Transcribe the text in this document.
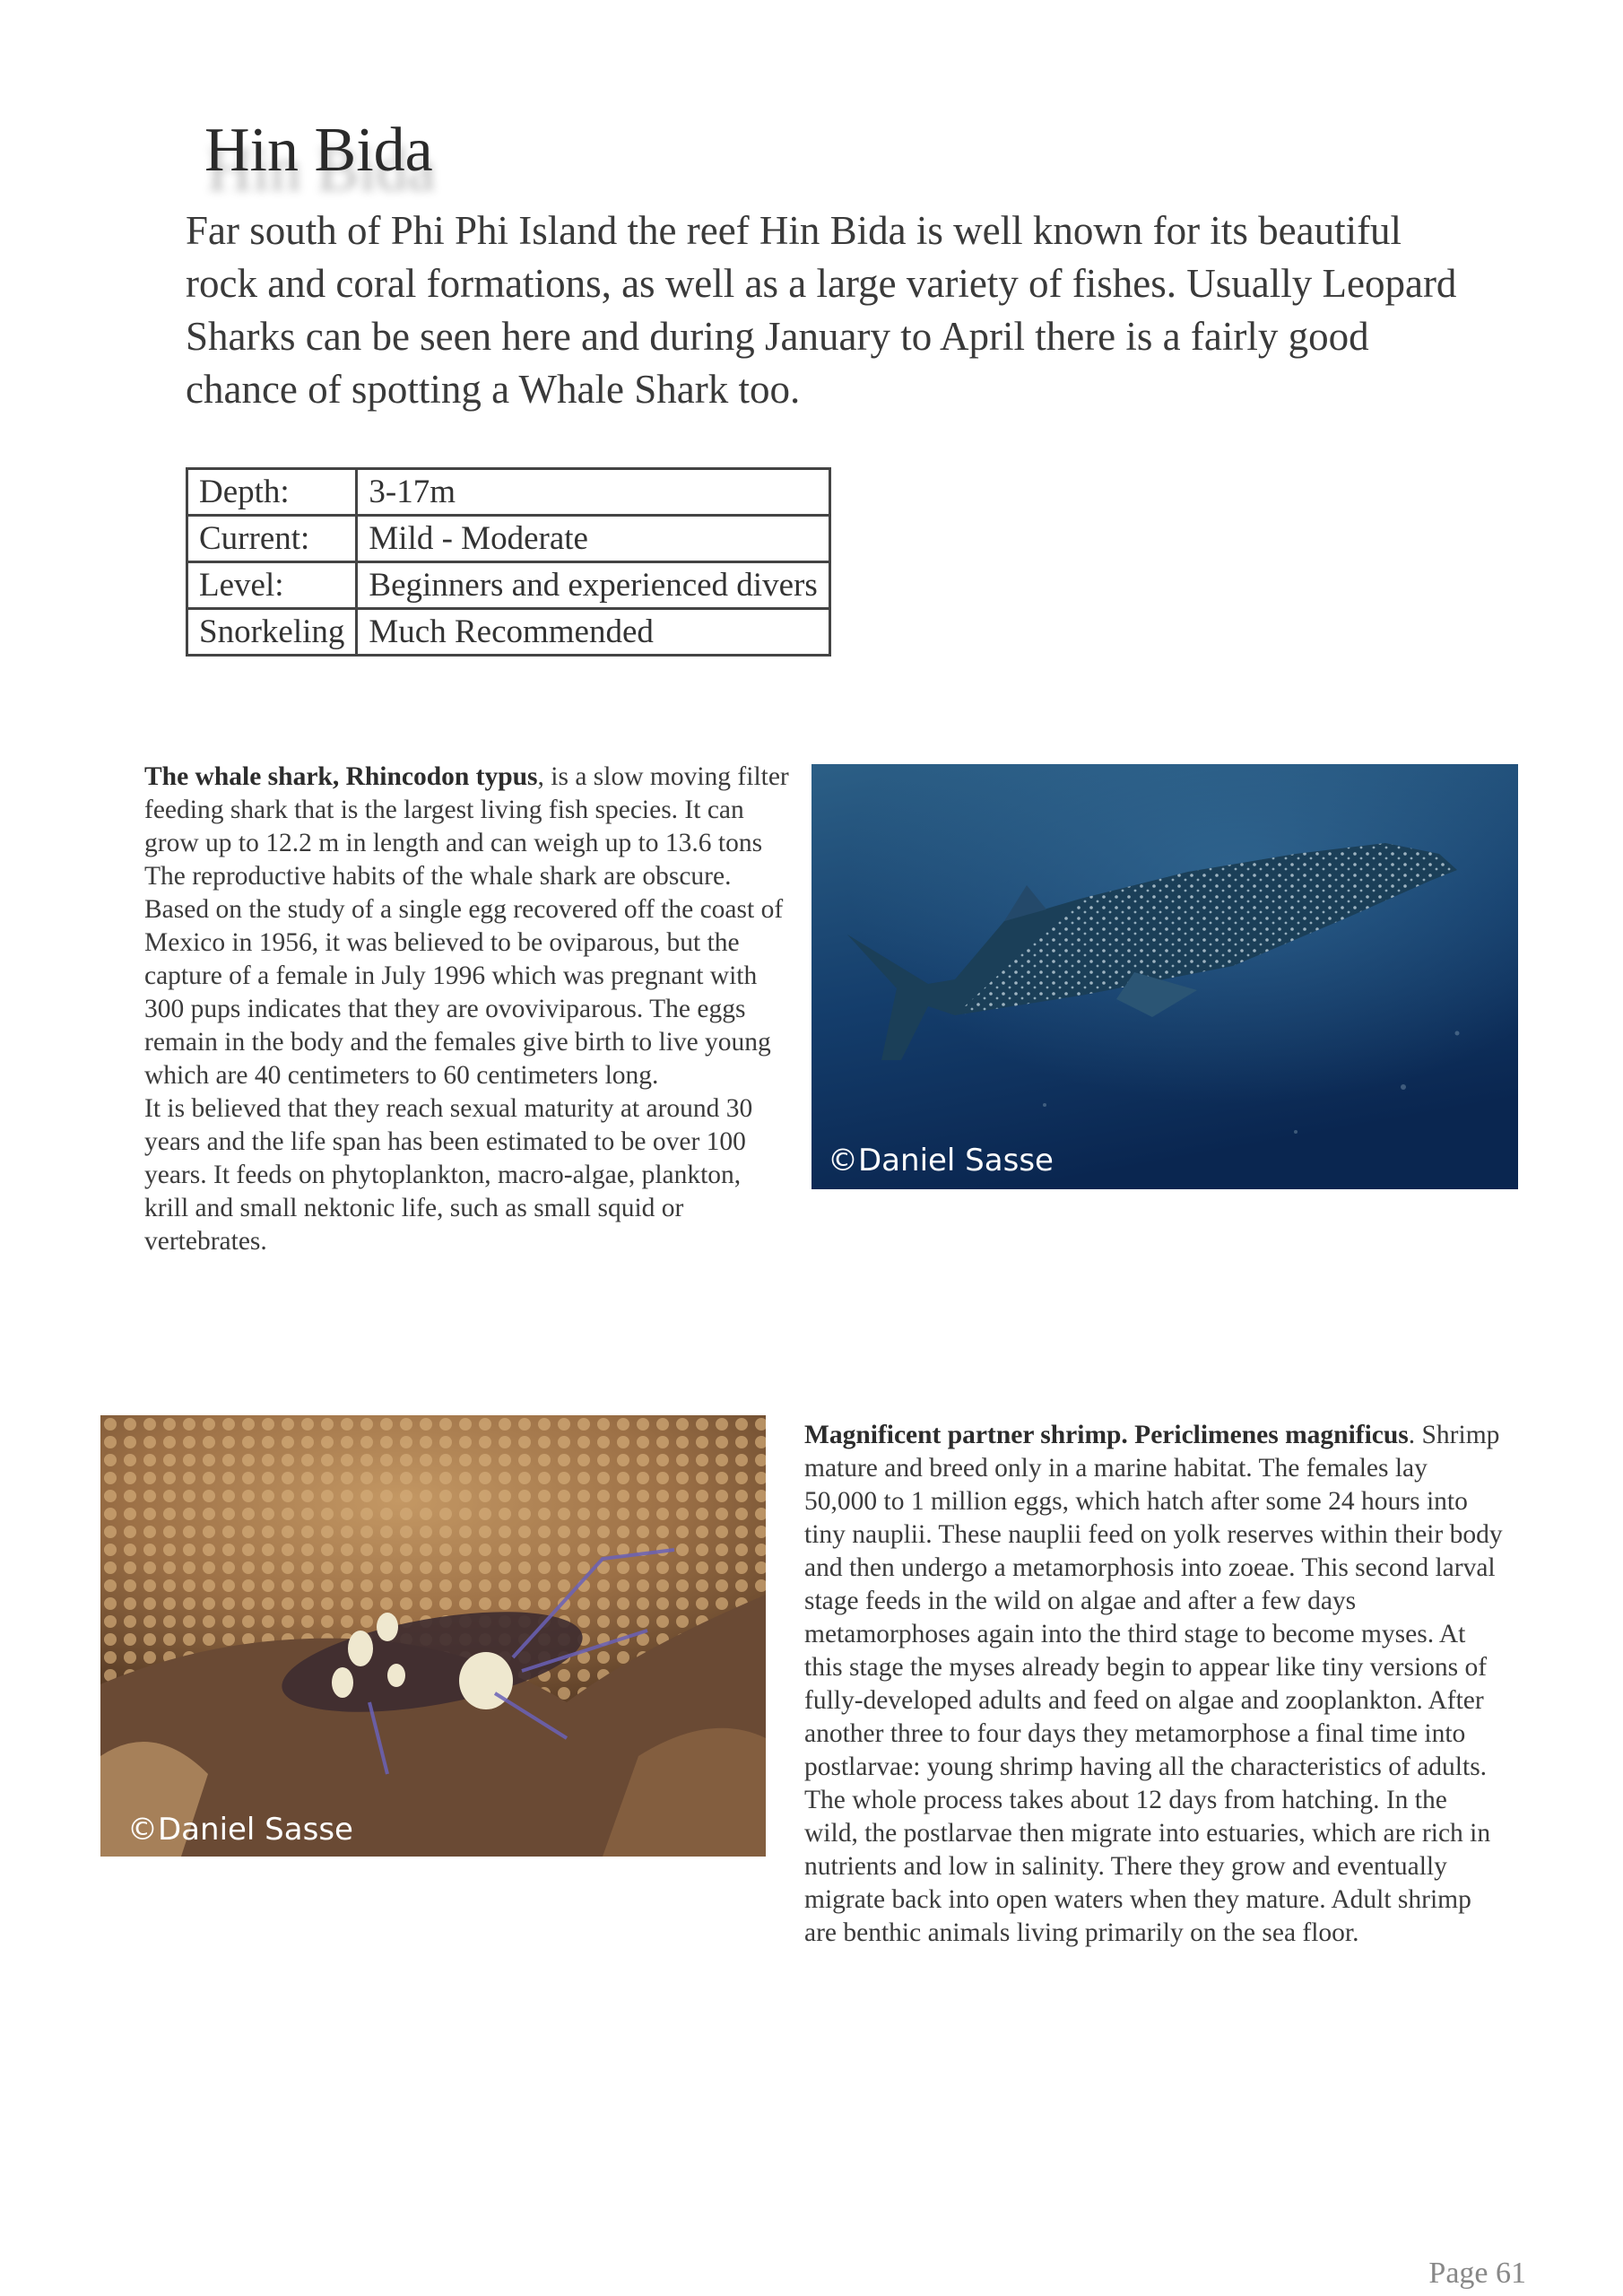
Hin Bida

Far south of Phi Phi Island the reef Hin Bida is well known for its beautiful rock and coral formations, as well as a large variety of fishes. Usually Leopard Sharks can be seen here and during January to April there is a fairly good chance of spotting a Whale Shark too.

Depth:	3-17m
Current:	Mild - Moderate
Level:	Beginners and experienced divers
Snorkeling	Much Recommended
The whale shark, Rhincodon typus, is a slow moving filter feeding shark that is the largest living fish species. It can grow up to 12.2 m in length and can weigh up to 13.6 tons
The reproductive habits of the whale shark are obscure. Based on the study of a single egg recovered off the coast of Mexico in 1956, it was believed to be oviparous, but the capture of a female in July 1996 which was pregnant with 300 pups indicates that they are ovoviviparous. The eggs remain in the body and the females give birth to live young which are 40 centimeters to 60 centimeters long.
It is believed that they reach sexual maturity at around 30 years and the life span has been estimated to be over 100 years. It feeds on phytoplankton, macro-algae, plankton, krill and small nektonic life, such as small squid or vertebrates.
©Daniel Sasse
©Daniel Sasse
Magnificent partner shrimp. Periclimenes magnificus. Shrimp mature and breed only in a marine habitat. The females lay 50,000 to 1 million eggs, which hatch after some 24 hours into tiny nauplii. These nauplii feed on yolk reserves within their body and then undergo a metamorphosis into zoeae. This second larval stage feeds in the wild on algae and after a few days metamorphoses again into the third stage to become myses. At this stage the myses already begin to appear like tiny versions of fully-developed adults and feed on algae and zooplankton. After another three to four days they metamorphose a final time into postlarvae: young shrimp having all the characteristics of adults. The whole process takes about 12 days from hatching. In the wild, the postlarvae then migrate into estuaries, which are rich in nutrients and low in salinity. There they grow and eventually migrate back into open waters when they mature. Adult shrimp are benthic animals living primarily on the sea floor.
Page 61
